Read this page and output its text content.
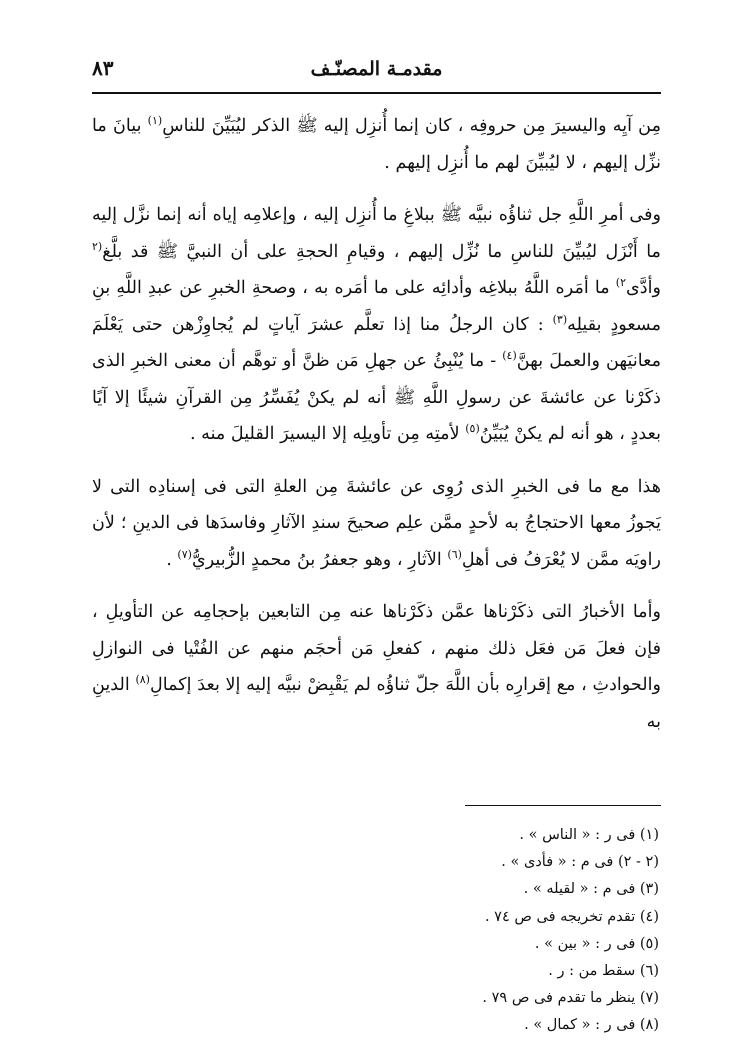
مقدمـة المصنّـف
٨٣

مِن آيِه واليسيرَ مِن حروفِه ، كان إنما أُنزِل إليه ﷺ الذكر ليُبَيِّنَ للناسِ$^{(١)}$ بيانَ ما نزِّل إليهم ، لا ليُبيِّنَ لهم ما أُنزِل إليهم .

وفى أمرِ اللَّهِ جل ثناؤُه نبيَّه ﷺ ببلاغِ ما أُنزِل إليه ، وإعلامِه إياه أنه إنما نزَّل إليه ما أَنْزَل ليُبيِّنَ للناسِ ما نُزِّل إليهم ، وقيامِ الحجةِ على أن النبيَّ ﷺ قد بلَّغ$^{(٢}$ وأدَّى$^{٢)}$ ما أمَره اللَّهُ ببلاغِه وأدائِه على ما أمَره به ، وصحةِ الخبرِ عن عبدِ اللَّهِ بنِ مسعودٍ بقيلِه$^{(٣)}$ : كان الرجلُ منا إذا تعلَّم عشرَ آياتٍ لم يُجاوِزْهن حتى يَعْلَمَ معانيَهن والعملَ بهنَّ$^{(٤)}$ - ما يُنْبِئُ عن جهلِ مَن ظنَّ أو توهَّم أن معنى الخبرِ الذى ذكَرْنا عن عائشةَ عن رسولِ اللَّهِ ﷺ أنه لم يكنْ يُفَسِّرُ مِن القرآنِ شيئًا إلا آيًا بعددٍ ، هو أنه لم يكنْ يُبَيِّنُ$^{(٥)}$ لأمتِه مِن تأويلِه إلا اليسيرَ القليلَ منه .

هذا مع ما فى الخبرِ الذى رُوِى عن عائشةَ مِن العلةِ التى فى إسنادِه التى لا يَجوزُ معها الاحتجاجُ به لأحدٍ ممَّن علِم صحيحَ سندِ الآثارِ وفاسدَها فى الدينِ ؛ لأن راويَه ممَّن لا يُعْرَفُ فى أهلِ$^{(٦)}$ الآثارِ ، وهو جعفرُ بنُ محمدٍ الزُّبيريُّ$^{(٧)}$ .

وأما الأخبارُ التى ذكَرْناها عمَّن ذكَرْناها عنه مِن التابعين بإحجامِه عن التأويلِ ، فإن فعلَ مَن فعَل ذلك منهم ، كفعلِ مَن أحجَم منهم عن الفُتْيا فى النوازلِ والحوادثِ ، مع إقرارِه بأن اللَّهَ جلّ ثناؤُه لم يَقْبِضْ نبيَّه إليه إلا بعدَ إكمالِ$^{(٨)}$ الدينِ به

(١) فى ر : « الناس » .
(٢ - ٢) فى م : « فأدى » .
(٣) فى م : « لقيله » .
(٤) تقدم تخريجه فى ص ٧٤ .
(٥) فى ر : « بين » .
(٦) سقط من : ر .
(٧) ينظر ما تقدم فى ص ٧٩ .
(٨) فى ر : « كمال » .
